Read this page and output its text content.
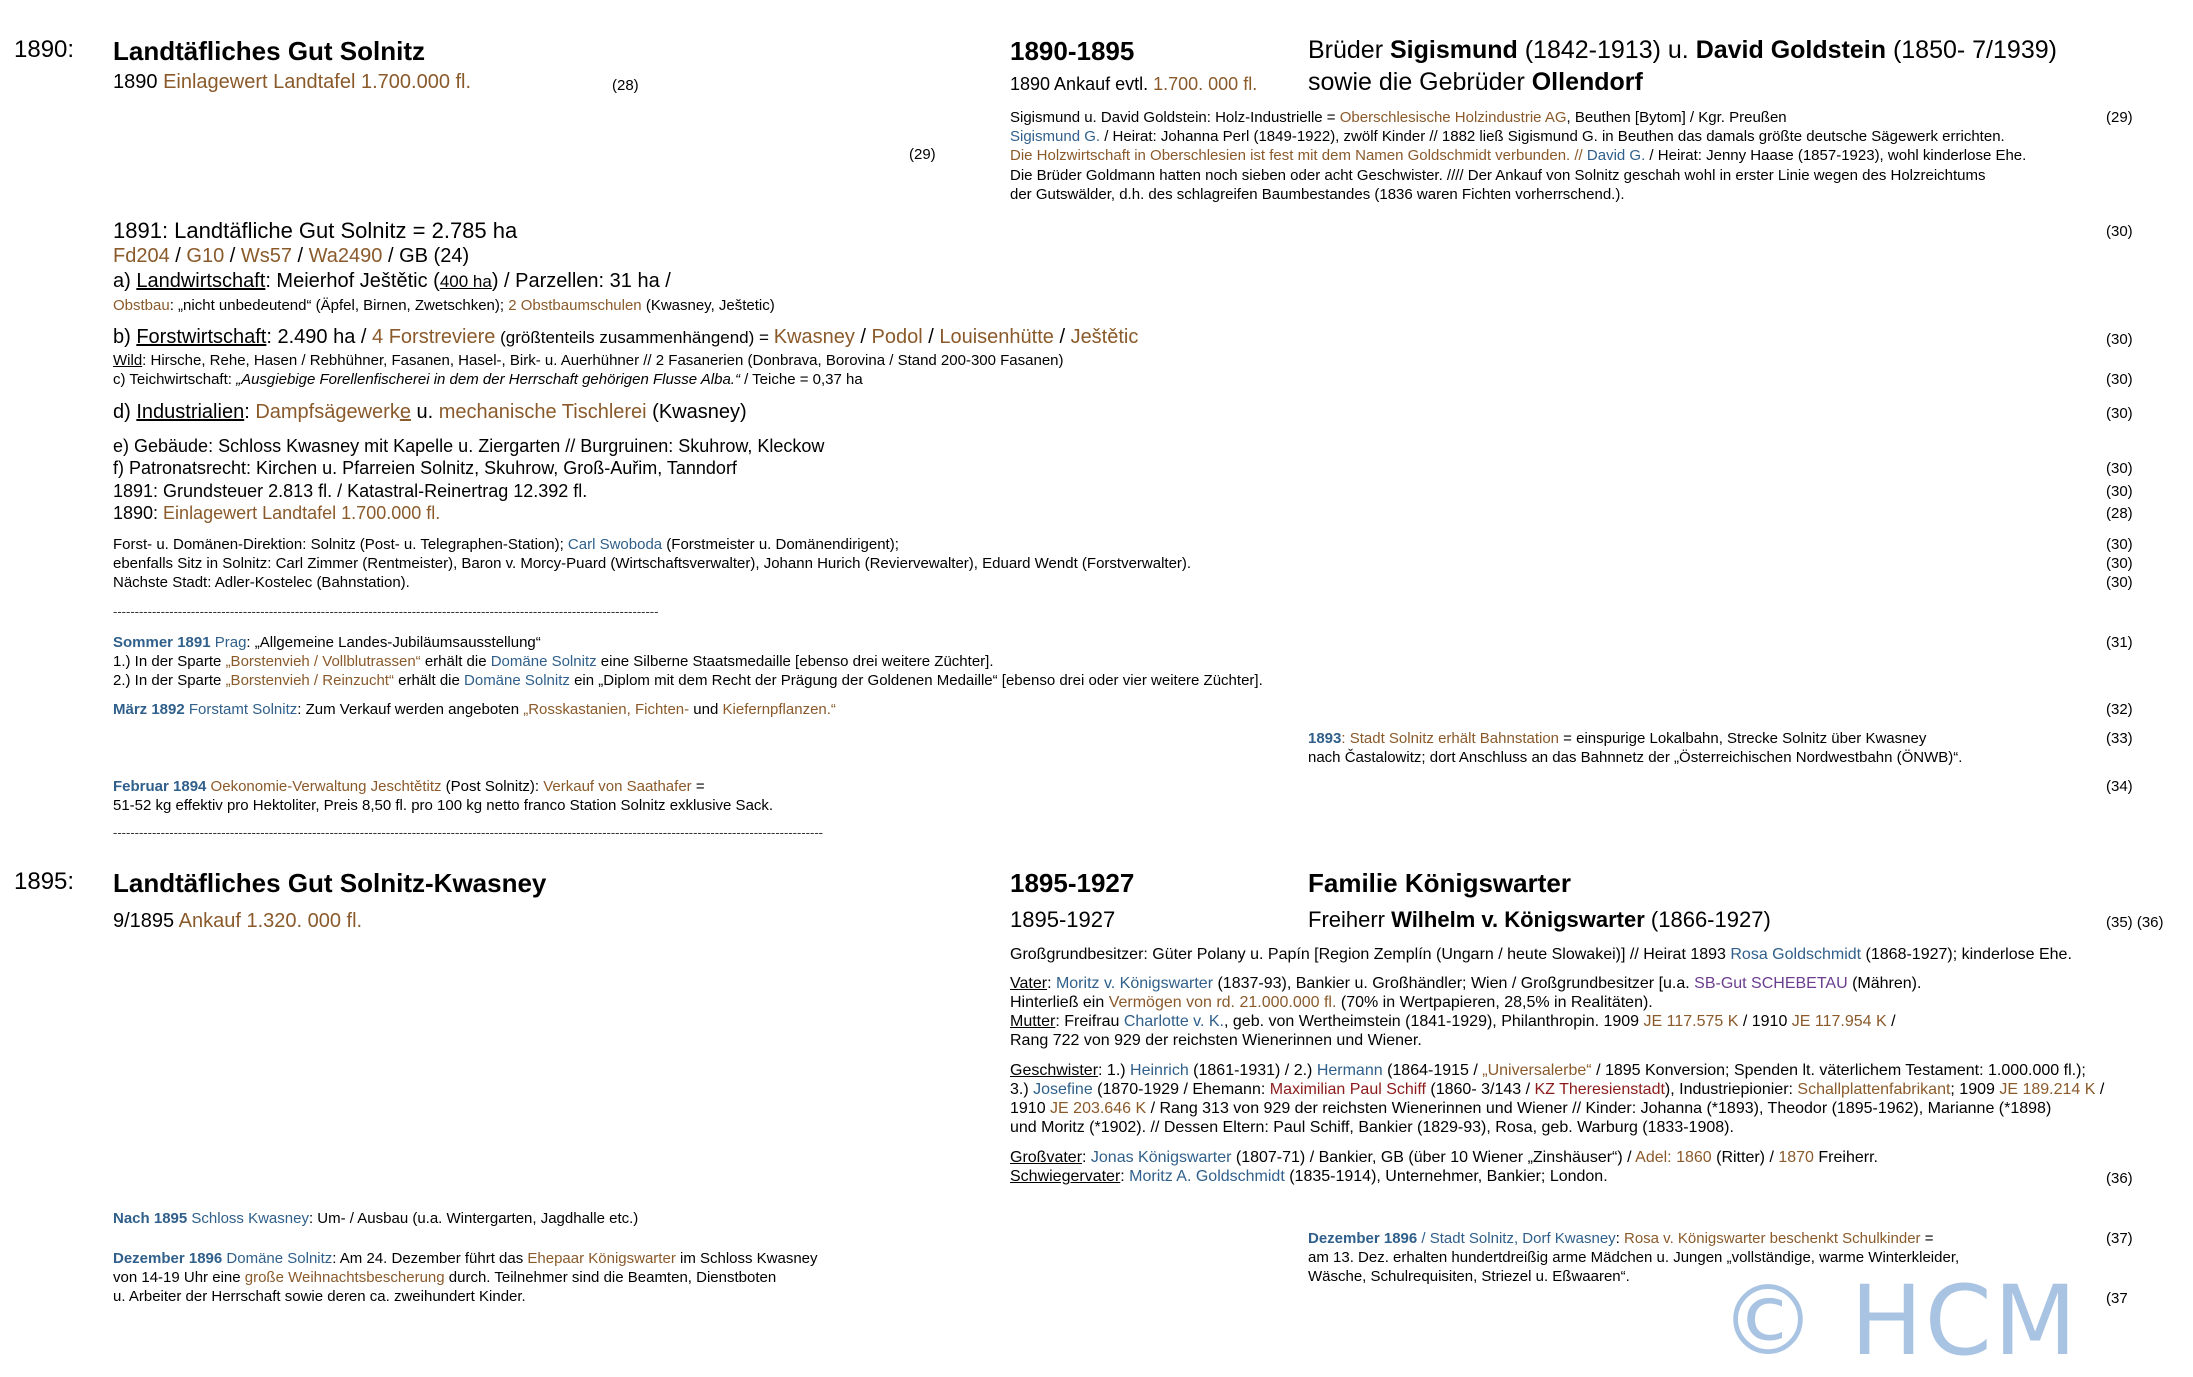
1890: Landtäfliches Gut Solnitz
1890 Einlagewert Landtafel 1.700.000 fl.	(28)
(29)
1890-1895
1890 Ankauf evtl. 1.700. 000 fl.
Brüder Sigismund (1842-1913) u. David Goldstein (1850- 7/1939)
sowie die Gebrüder Ollendorf
Sigismund u. David Goldstein: Holz-Industrielle = Oberschlesische Holzindustrie AG, Beuthen [Bytom] / Kgr. Preußen	(29)
Sigismund G. / Heirat: Johanna Perl (1849-1922), zwölf Kinder // 1882 ließ Sigismund G. in Beuthen das damals größte deutsche Sägewerk errichten.
Die Holzwirtschaft in Oberschlesien ist fest mit dem Namen Goldschmidt verbunden. // David G. / Heirat: Jenny Haase (1857-1923), wohl kinderlose Ehe.
Die Brüder Goldmann hatten noch sieben oder acht Geschwister. //// Der Ankauf von Solnitz geschah wohl in erster Linie wegen des Holzreichtums
der Gutswälder, d.h. des schlagreifen Baumbestandes (1836 waren Fichten vorherrschend.).
1891: Landtäfliche Gut Solnitz = 2.785 ha	(30)
Fd204 / G10 / Ws57 / Wa2490 / GB (24)
a) Landwirtschaft: Meierhof Ještětic (400 ha) / Parzellen: 31 ha /
Obstbau: „nicht unbedeutend“ (Äpfel, Birnen, Zwetschken); 2 Obstbaumschulen (Kwasney, Ještetic)
b) Forstwirtschaft: 2.490 ha / 4 Forstreviere (größtenteils zusammenhängend) = Kwasney / Podol / Louisenhütte / Ještětic	(30)
Wild: Hirsche, Rehe, Hasen / Rebhühner, Fasanen, Hasel-, Birk- u. Auerhühner // 2 Fasanerien (Donbrava, Borovina / Stand 200-300 Fasanen)
c) Teichwirtschaft: „Ausgiebige Forellenfischerei in dem der Herrschaft gehörigen Flusse Alba.“ / Teiche = 0,37 ha	(30)
d) Industrialien: Dampfsägewerke u. mechanische Tischlerei (Kwasney)	(30)
e) Gebäude: Schloss Kwasney mit Kapelle u. Ziergarten // Burgruinen: Skuhrow, Kleckow
f) Patronatsrecht: Kirchen u. Pfarreien Solnitz, Skuhrow, Groß-Auřim, Tanndorf	(30)
1891: Grundsteuer 2.813 fl. / Katastral-Reinertrag 12.392 fl.	(30)
1890: Einlagewert Landtafel 1.700.000 fl.	(28)
Forst- u. Domänen-Direktion: Solnitz (Post- u. Telegraphen-Station); Carl Swoboda (Forstmeister u. Domänendirigent);	(30)
ebenfalls Sitz in Solnitz: Carl Zimmer (Rentmeister), Baron v. Morcy-Puard (Wirtschaftsverwalter), Johann Hurich (Reviervewalter), Eduard Wendt (Forstverwalter).	(30)
Nächste Stadt: Adler-Kostelec (Bahnstation).	(30)
------------------------------------------------------------------------------------------------------------------------------
Sommer 1891 Prag: „Allgemeine Landes-Jubiläumsausstellung“	(31)
1.) In der Sparte „Borstenvieh / Vollblutrassen“ erhält die Domäne Solnitz eine Silberne Staatsmedaille [ebenso drei weitere Züchter].
2.) In der Sparte „Borstenvieh / Reinzucht“ erhält die Domäne Solnitz ein „Diplom mit dem Recht der Prägung der Goldenen Medaille“ [ebenso drei oder vier weitere Züchter].
März 1892 Forstamt Solnitz: Zum Verkauf werden angeboten „Rosskastanien, Fichten- und Kiefernpflanzen.“	(32)
1893: Stadt Solnitz erhält Bahnstation = einspurige Lokalbahn, Strecke Solnitz über Kwasney	(33)
nach Častalowitz; dort Anschluss an das Bahnnetz der „Österreichischen Nordwestbahn (ÖNWB)“.
Februar 1894 Oekonomie-Verwaltung Jeschtětitz (Post Solnitz): Verkauf von Saathafer =	(34)
51-52 kg effektiv pro Hektoliter, Preis 8,50 fl. pro 100 kg netto franco Station Solnitz exklusive Sack.
--------------------------------------------------------------------------------------------------------------------------------------------------------------------
1895: Landtäfliches Gut Solnitz-Kwasney
9/1895 Ankauf 1.320. 000 fl.
1895-1927
1895-1927
Familie Königswarter
Freiherr Wilhelm v. Königswarter (1866-1927)	(35) (36)
Großgrundbesitzer: Güter Polany u. Papín [Region Zemplín (Ungarn / heute Slowakei)] // Heirat 1893 Rosa Goldschmidt (1868-1927); kinderlose Ehe.
Vater: Moritz v. Königswarter (1837-93), Bankier u. Großhändler; Wien / Großgrundbesitzer [u.a. SB-Gut SCHEBETAU (Mähren).
Hinterließ ein Vermögen von rd. 21.000.000 fl. (70% in Wertpapieren, 28,5% in Realitäten).
Mutter: Freifrau Charlotte v. K., geb. von Wertheimstein (1841-1929), Philanthropin. 1909 JE 117.575 K / 1910 JE 117.954 K /
Rang 722 von 929 der reichsten Wienerinnen und Wiener.
Geschwister: 1.) Heinrich (1861-1931) / 2.) Hermann (1864-1915 / „Universalerbe“ / 1895 Konversion; Spenden lt. väterlichem Testament: 1.000.000 fl.);
3.) Josefine (1870-1929 / Ehemann: Maximilian Paul Schiff (1860- 3/143 / KZ Theresienstadt), Industriepionier: Schallplattenfabrikant; 1909 JE 189.214 K /
1910 JE 203.646 K / Rang 313 von 929 der reichsten Wienerinnen und Wiener // Kinder: Johanna (*1893), Theodor (1895-1962), Marianne (*1898)
und Moritz (*1902). // Dessen Eltern: Paul Schiff, Bankier (1829-93), Rosa, geb. Warburg (1833-1908).
Großvater: Jonas Königswarter (1807-71) / Bankier, GB (über 10 Wiener „Zinshäuser“) / Adel: 1860 (Ritter) / 1870 Freiherr.
Schwiegervater: Moritz A. Goldschmidt (1835-1914), Unternehmer, Bankier; London.	(36)
Nach 1895 Schloss Kwasney: Um- / Ausbau (u.a. Wintergarten, Jagdhalle etc.)
Dezember 1896 Domäne Solnitz: Am 24. Dezember führt das Ehepaar Königswarter im Schloss Kwasney
von 14-19 Uhr eine große Weihnachtsbescherung durch. Teilnehmer sind die Beamten, Dienstboten
u. Arbeiter der Herrschaft sowie deren ca. zweihundert Kinder.
Dezember 1896 / Stadt Solnitz, Dorf Kwasney: Rosa v. Königswarter beschenkt Schulkinder =	(37)
am 13. Dez. erhalten hundertdreißig arme Mädchen u. Jungen „vollständige, warme Winterkleider,
Wäsche, Schulrequisiten, Striezel u. Eßwaaren“.
(37
© HCM
